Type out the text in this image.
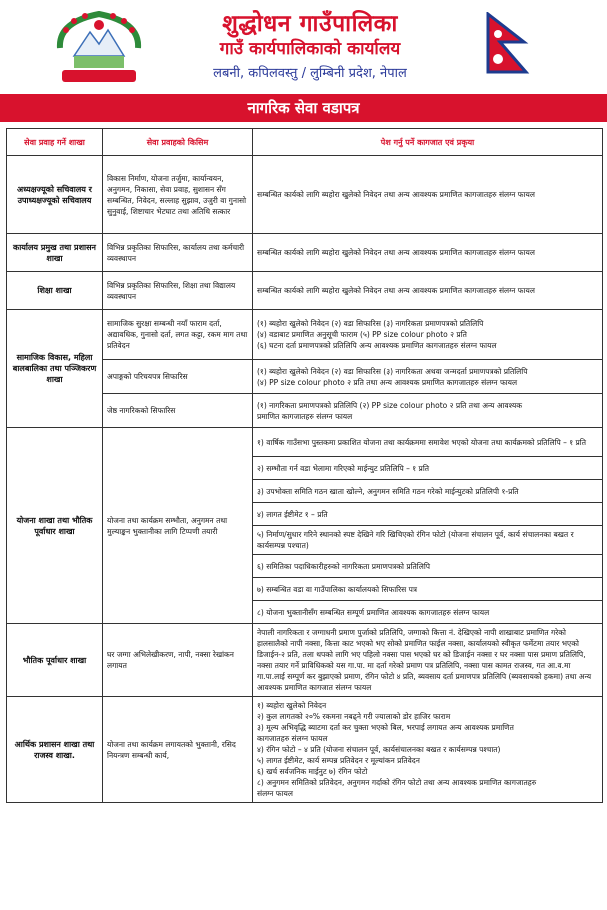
शुद्धोधन गाउँपालिका
गाउँ कार्यपालिकाको कार्यालय
लबनी, कपिलवस्तु / लुम्बिनी प्रदेश, नेपाल
नागरिक सेवा वडापत्र
सेवा प्रवाह गर्ने शाखा	सेवा प्रवाहको किसिम	पेश गर्नु पर्ने कागजात एवं प्रकृया
अध्यक्षज्यूको सचिवालय र उपाध्यक्षज्यूको सचिवालय	विकास निर्माण, योजना तर्जुमा, कार्यान्वयन, अनुगमन, निकासा, सेवा प्रवाह, सुशासन सँग सम्बन्धित, निवेदन, सल्लाह सुझाव, उजुरी वा गुनासो सुनुवाई, शिष्टाचार भेटघाट तथा अतिथि सत्कार	सम्बन्धित कार्यको लागि ब्यहोरा खुलेको निवेदन तथा अन्य आवश्यक प्रमाणित कागजातहरु संलग्न फायल
कार्यालय प्रमुख तथा प्रशासन शाखा	विभिन्न प्रकृतिका सिफारिस, कार्यालय तथा कर्मचारी व्यवस्थापन	सम्बन्धित कार्यको लागि ब्यहोरा खुलेको निवेदन तथा अन्य आवश्यक प्रमाणित कागजातहरु संलग्न फायल
शिक्षा शाखा	विभिन्न प्रकृतिका सिफारिस, शिक्षा तथा विद्यालय व्यवस्थापन	सम्बन्धित कार्यको लागि ब्यहोरा खुलेको निवेदन तथा अन्य आवश्यक प्रमाणित कागजातहरु संलग्न फायल
सामाजिक विकास, महिला बालबालिका तथा पञ्जिकरण शाखा	सामाजिक सुरक्षा सम्बन्धी नयाँ फाराम दर्ता, अद्यावधिक, गुनासो दर्ता, लगत कट्टा, रकम माग तथा प्रतिवेदन	(१) ब्यहोरा खुलेको निवेदन (२) वडा सिफारिस (३) नागरिकता प्रमाणपत्रको प्रतिलिपि
(४) वडाबाट प्रमाणित अनुसूची फाराम (५) PP size colour photo २ प्रति
(६) घटना दर्ता प्रमाणपत्रको प्रतिलिपि अन्य आवश्यक प्रमाणित कागजातहरु संलग्न फायल
अपाङ्गको परिचयपत्र सिफारिस	(१) ब्यहोरा खुलेको निवेदन (२) वडा सिफारिस (३) नागरिकता अथवा जन्मदर्ता प्रमाणपत्रको प्रतिलिपि
(४) PP size colour photo २ प्रति तथा अन्य आवश्यक प्रमाणित कागजातहरु संलग्न फायल
जेष्ठ नागरिकको सिफारिस	(१) नागरिकता प्रमाणपत्रको प्रतिलिपि (२) PP size colour photo २ प्रति तथा अन्य आवश्यक
प्रमाणित कागजातहरु संलग्न फायल
योजना शाखा तथा भौतिक पूर्वाधार शाखा	योजना तथा कार्यक्रम सम्भौता, अनुगमन तथा मुल्याङ्कन भुक्तानीका लागि टिप्पणी तयारी	
१) वार्षिक गाउँसभा पुस्तकमा प्रकाशित योजना तथा कार्यक्रममा समावेश भएको योजना तथा कार्यक्रमको प्रतिलिपि – १ प्रति
२) सम्भौता गर्न वडा भेलामा गरिएको माईन्युट प्रतिलिपि – १ प्रति
३) उपभोक्ता समिति गठन खाता खोल्ने, अनुगमन समिति गठन गरेको माईन्युटको प्रतिलिपी १-प्रति
४) लागत ईष्टीमेट १ – प्रति
५) निर्माण/सुधार गरिने स्थानको स्पष्ट देखिने गरि खिचिएको रंगिन फोटो (योजना संचालन पूर्व, कार्य संचालनका बखत र कार्यसम्पन्न पश्चात)
६) समितिका पदाधिकारीहरुको नागरिकता प्रमाणपत्रको प्रतिलिपि
७) सम्बन्धित वडा वा गाउँपालिका कार्यालयको सिफारिस पत्र
८) योजना भुक्तानीसँग सम्बन्धित सम्पूर्ण प्रमाणित आवश्यक कागजातहरु संलग्न फायल

भौतिक पूर्वाधार शाखा	घर जग्गा अभिलेखीकरण, नापी, नक्सा रेखांकन लगायत	नेपाली नागरिकता र जग्गाधनी प्रमाण पुर्जाको प्रतिलिपि, जग्गाको कित्ता नं. देखिएको नापी शाखाबाट प्रमाणित गरेको हालसालैको नापी नक्सा, कित्ता काट भएको भए सोको प्रमाणित फाईल नक्सा, कार्यालयको स्वीकृत फर्मेटमा तयार भएको डिजाईन-२ प्रति, तला थपको लागि भए पहिलो नक्सा पास भएको घर को डिजाईन नक्सा र घर नक्सा पास प्रमाण प्रतिलिपि, नक्सा तयार गर्ने प्राविधिकको यस गा.पा. मा दर्ता गरेको प्रमाण पत्र प्रतिलिपि, नक्सा पास कामत राजस्व, गत आ.व.मा गा.पा.लाई सम्पूर्ण कर बुझाएको प्रमाण, रंगिन फोटो ४ प्रति, ब्यवसाय दर्ता प्रमाणपत्र प्रतिलिपि (ब्यवसायको हकमा) तथा अन्य आवश्यक प्रमाणित कागजात संलग्न फायल
आर्थिक प्रशासन शाखा तथा राजस्व शाखा.	योजना तथा कार्यक्रम लगायतको भुक्तानी, रसिद नियन्त्रण सम्बन्धी कार्य,	१) ब्यहोरा खुलेको निवेदन
२) कुल लागतको २०% रकमना नबढ्ने गरी ज्यालाको डोर हाजिर फाराम
३) मूल्य अभिवृद्धि ब्याटमा दर्ता कर चुक्ता भएको बिल, भरपाई लगायत अन्य आवश्यक प्रमाणित
कागजातहरु संलग्न फायल
४) रंगिन फोटो – ४ प्रति (योजना संचालन पूर्व, कार्यसंचालनका बखत र कार्यसम्पन्न पश्चात)
५) लागत ईष्टीमेट, कार्य सम्पन्न प्रतिवेदन र मूल्यांकन प्रतिवेदन
६) खर्च सर्वजनिक माईनुट ७) रंगिन फोटो
८) अनुगमन समितिको प्रतिवेदन, अनुगमन गर्दाको रंगिन फोटो तथा अन्य आवश्यक प्रमाणित कागजातहरु
संलग्न फायल
